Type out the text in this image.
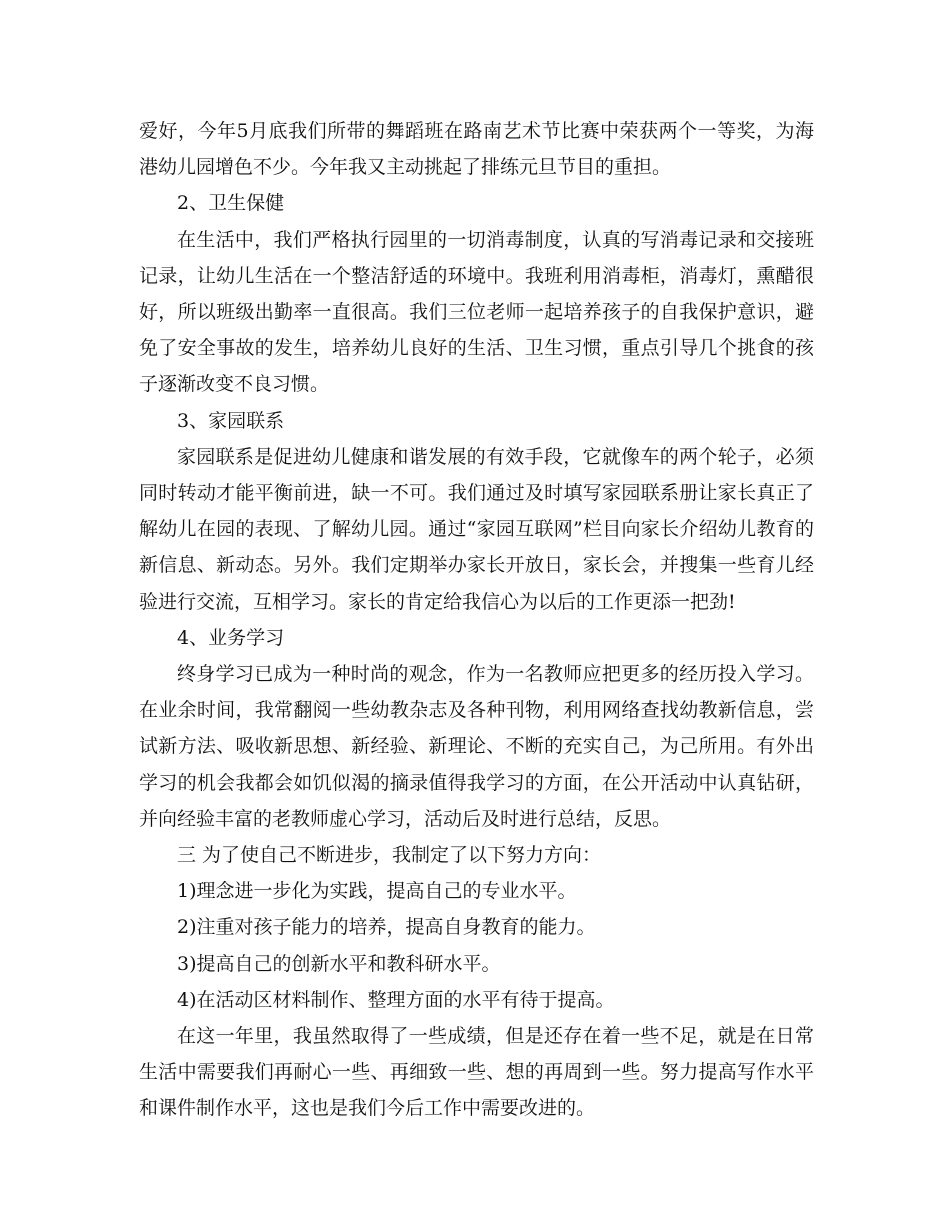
爱好，今年5月底我们所带的舞蹈班在路南艺术节比赛中荣获两个一等奖，为海港幼儿园增色不少。今年我又主动挑起了排练元旦节目的重担。

2、卫生保健

在生活中，我们严格执行园里的一切消毒制度，认真的写消毒记录和交接班记录，让幼儿生活在一个整洁舒适的环境中。我班利用消毒柜，消毒灯，熏醋很好，所以班级出勤率一直很高。我们三位老师一起培养孩子的自我保护意识，避免了安全事故的发生，培养幼儿良好的生活、卫生习惯，重点引导几个挑食的孩子逐渐改变不良习惯。

3、家园联系

家园联系是促进幼儿健康和谐发展的有效手段，它就像车的两个轮子，必须同时转动才能平衡前进，缺一不可。我们通过及时填写家园联系册让家长真正了解幼儿在园的表现、了解幼儿园。通过“家园互联网”栏目向家长介绍幼儿教育的新信息、新动态。另外。我们定期举办家长开放日，家长会，并搜集一些育儿经验进行交流，互相学习。家长的肯定给我信心为以后的工作更添一把劲!

4、业务学习

终身学习已成为一种时尚的观念，作为一名教师应把更多的经历投入学习。在业余时间，我常翻阅一些幼教杂志及各种刊物，利用网络查找幼教新信息，尝试新方法、吸收新思想、新经验、新理论、不断的充实自己，为己所用。有外出学习的机会我都会如饥似渴的摘录值得我学习的方面，在公开活动中认真钻研，并向经验丰富的老教师虚心学习，活动后及时进行总结，反思。

三 为了使自己不断进步，我制定了以下努力方向：

1)理念进一步化为实践，提高自己的专业水平。

2)注重对孩子能力的培养，提高自身教育的能力。

3)提高自己的创新水平和教科研水平。

4)在活动区材料制作、整理方面的水平有待于提高。

在这一年里，我虽然取得了一些成绩，但是还存在着一些不足，就是在日常生活中需要我们再耐心一些、再细致一些、想的再周到一些。努力提高写作水平和课件制作水平，这也是我们今后工作中需要改进的。
